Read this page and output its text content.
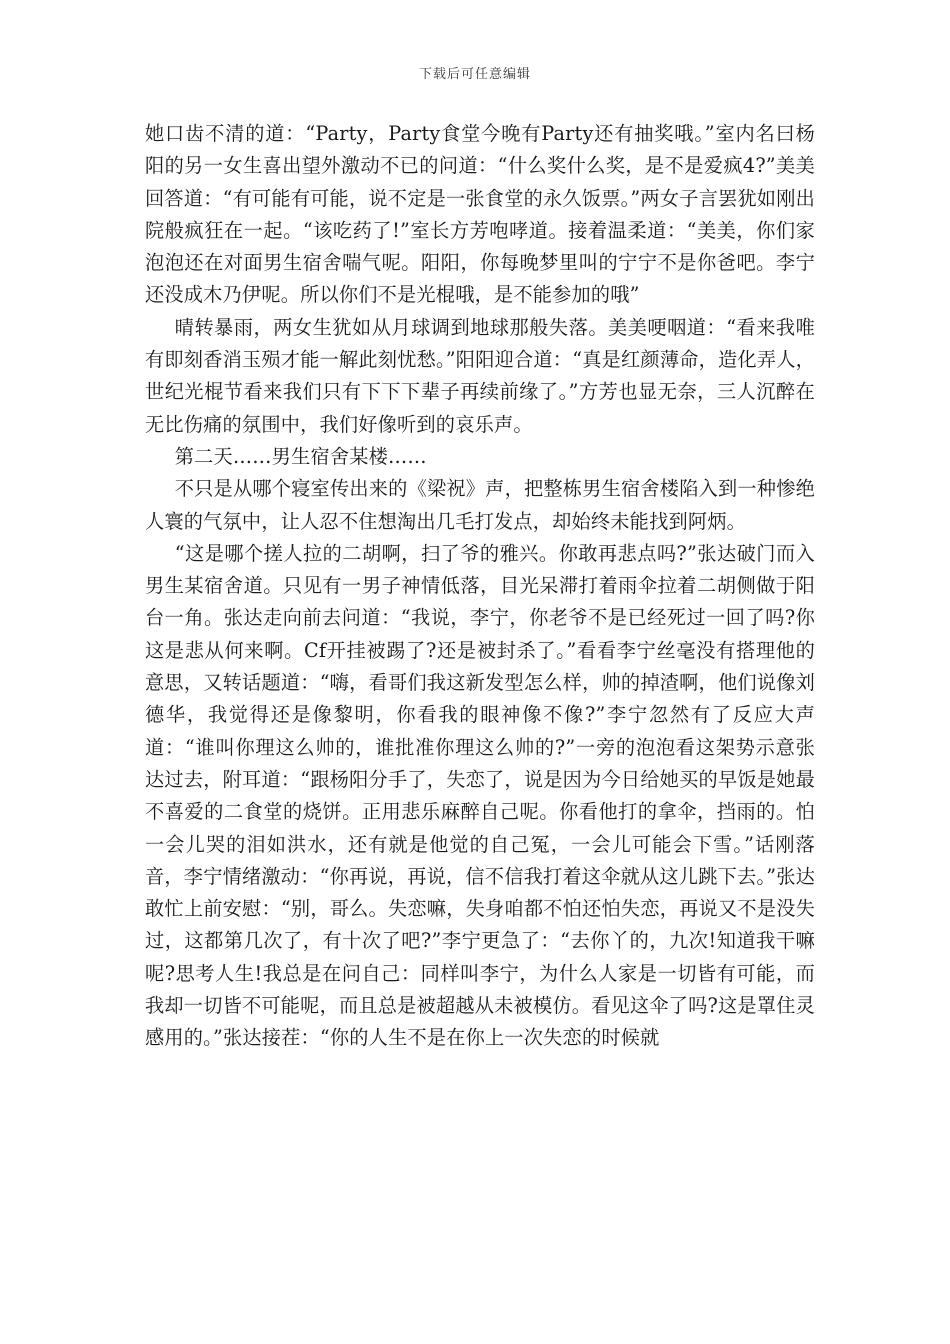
下载后可任意编辑

她口齿不清的道：“Party，Party食堂今晚有Party还有抽奖哦。”室内名曰杨阳的另一女生喜出望外激动不已的问道：“什么奖什么奖，是不是爱疯4?”美美回答道：“有可能有可能，说不定是一张食堂的永久饭票。”两女子言罢犹如刚出院般疯狂在一起。“该吃药了!”室长方芳咆哮道。接着温柔道：“美美，你们家泡泡还在对面男生宿舍喘气呢。阳阳，你每晚梦里叫的宁宁不是你爸吧。李宁还没成木乃伊呢。所以你们不是光棍哦，是不能参加的哦”

晴转暴雨，两女生犹如从月球调到地球那般失落。美美哽咽道：“看来我唯有即刻香消玉殒才能一解此刻忧愁。”阳阳迎合道：“真是红颜薄命，造化弄人，世纪光棍节看来我们只有下下下辈子再续前缘了。”方芳也显无奈，三人沉醉在无比伤痛的氛围中，我们好像听到的哀乐声。

第二天……男生宿舍某楼……

不只是从哪个寝室传出来的《梁祝》声，把整栋男生宿舍楼陷入到一种惨绝人寰的气氛中，让人忍不住想淘出几毛打发点，却始终未能找到阿炳。

“这是哪个搓人拉的二胡啊，扫了爷的雅兴。你敢再悲点吗?”张达破门而入男生某宿舍道。只见有一男子神情低落，目光呆滞打着雨伞拉着二胡侧做于阳台一角。张达走向前去问道：“我说，李宁，你老爷不是已经死过一回了吗?你这是悲从何来啊。Cf开挂被踢了?还是被封杀了。”看看李宁丝毫没有搭理他的意思，又转话题道：“嗨，看哥们我这新发型怎么样，帅的掉渣啊，他们说像刘德华，我觉得还是像黎明，你看我的眼神像不像?”李宁忽然有了反应大声道：“谁叫你理这么帅的，谁批准你理这么帅的?”一旁的泡泡看这架势示意张达过去，附耳道：“跟杨阳分手了，失恋了，说是因为今日给她买的早饭是她最不喜爱的二食堂的烧饼。正用悲乐麻醉自己呢。你看他打的拿伞，挡雨的。怕一会儿哭的泪如洪水，还有就是他觉的自己冤，一会儿可能会下雪。”话刚落音，李宁情绪激动：“你再说，再说，信不信我打着这伞就从这儿跳下去。”张达敢忙上前安慰：“别，哥么。失恋嘛，失身咱都不怕还怕失恋，再说又不是没失过，这都第几次了，有十次了吧?”李宁更急了：“去你丫的，九次!知道我干嘛呢?思考人生!我总是在问自己：同样叫李宁，为什么人家是一切皆有可能，而我却一切皆不可能呢，而且总是被超越从未被模仿。看见这伞了吗?这是罩住灵感用的。”张达接茬：“你的人生不是在你上一次失恋的时候就
